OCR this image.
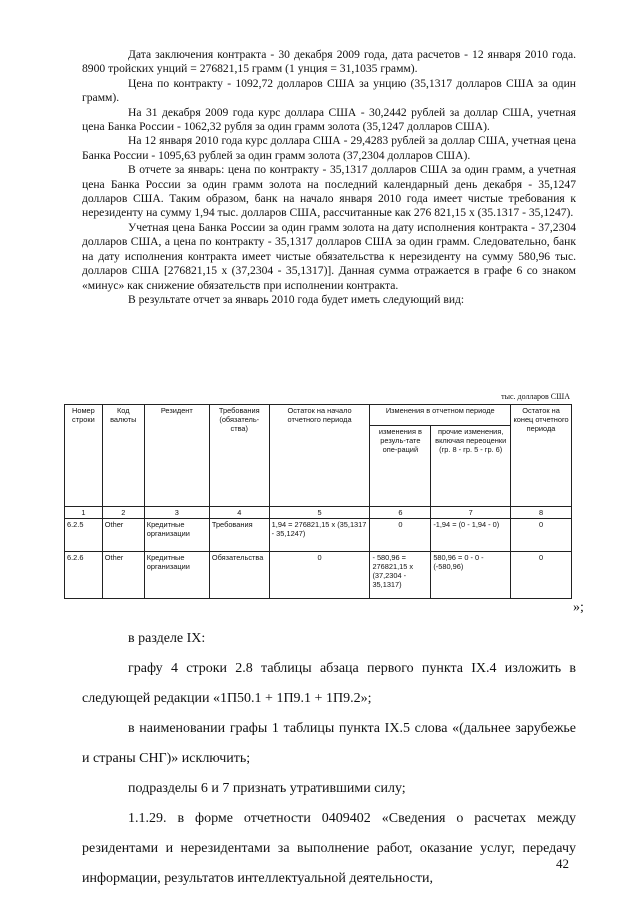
Дата заключения контракта - 30 декабря 2009 года, дата расчетов - 12 января 2010 года. 8900 тройских унций = 276821,15 грамм (1 унция = 31,1035 грамм).

Цена по контракту - 1092,72 долларов США за унцию (35,1317 долларов США за один грамм).

На 31 декабря 2009 года курс доллара США - 30,2442 рублей за доллар США, учетная цена Банка России - 1062,32 рубля за один грамм золота (35,1247 долларов США).

На 12 января 2010 года курс доллара США - 29,4283 рублей за доллар США, учетная цена Банка России - 1095,63 рублей за один грамм золота (37,2304 долларов США).

В отчете за январь: цена по контракту - 35,1317 долларов США за один грамм, а учетная цена Банка России за один грамм золота на последний календарный день декабря - 35,1247 долларов США. Таким образом, банк на начало января 2010 года имеет чистые требования к нерезиденту на сумму 1,94 тыс. долларов США, рассчитанные как 276 821,15 х (35.1317 - 35,1247).

Учетная цена Банка России за один грамм золота на дату исполнения контракта - 37,2304 долларов США, а цена по контракту - 35,1317 долларов США за один грамм. Следовательно, банк на дату исполнения контракта имеет чистые обязательства к нерезиденту на сумму 580,96 тыс. долларов США [276821,15 х (37,2304 - 35,1317)]. Данная сумма отражается в графе 6 со знаком «минус» как снижение обязательств при исполнении контракта.

В результате отчет за январь 2010 года будет иметь следующий вид:

тыс. долларов США
Номер строки	Код валюты	Резидент	Требования (обязатель-ства)	Остаток на начало отчетного периода	Изменения в отчетном периоде		Остаток на конец отчетного периода
					изменения в резуль-тате опе-раций	прочие изменения, включая переоценки (гр. 8 - гр. 5 - гр. 6)	
1	2	3	4	5	6	7	8
6.2.5	Other	Кредитные организации	Требования	1,94 = 276821,15 х (35,1317 - 35,1247)	0	-1,94 = (0 - 1,94 - 0)	0
6.2.6	Other	Кредитные организации	Обязательства	0	- 580,96 = 276821,15 х (37,2304 - 35,1317)	580,96 = 0 - 0 - (-580,96)	0
»;

в разделе IX:

графу 4 строки 2.8 таблицы абзаца первого пункта IX.4 изложить в следующей редакции «1П50.1 + 1П9.1 + 1П9.2»;

в наименовании графы 1 таблицы пункта IX.5 слова «(дальнее зарубежье и страны СНГ)» исключить;

подразделы 6 и 7 признать утратившими силу;

1.1.29. в форме отчетности 0409402 «Сведения о расчетах между резидентами и нерезидентами за выполнение работ, оказание услуг, передачу информации, результатов интеллектуальной деятельности,

42
